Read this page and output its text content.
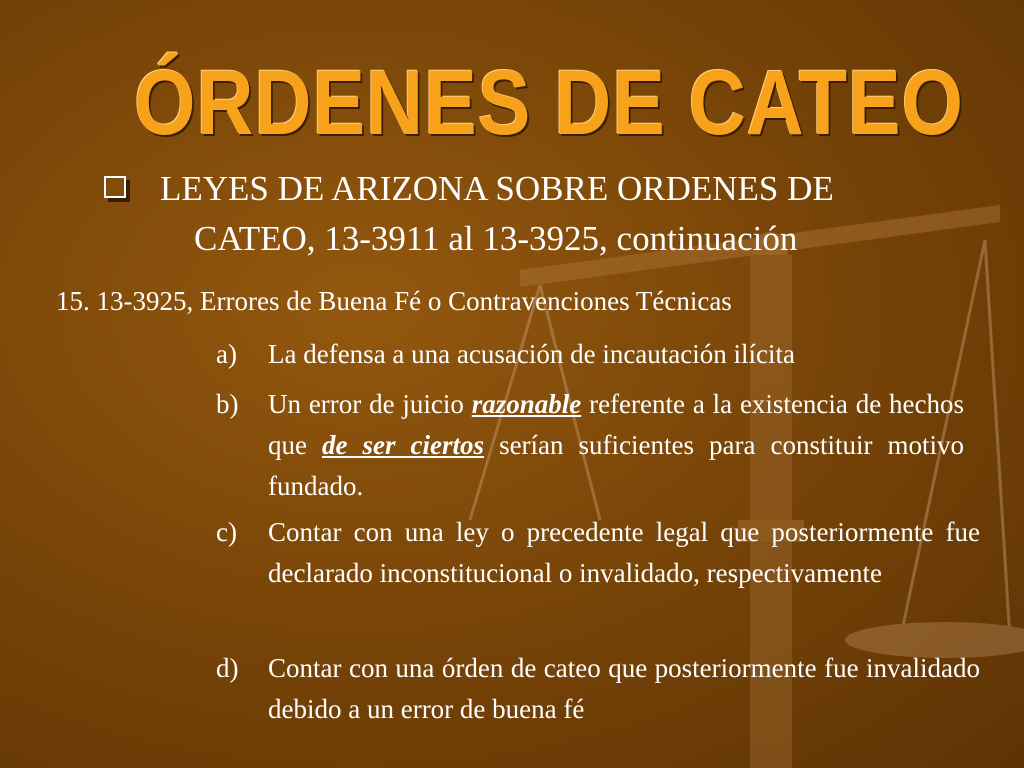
ÓRDENES DE CATEO
LEYES DE ARIZONA SOBRE ORDENES DE
CATEO, 13-3911 al 13-3925, continuación
15. 13-3925, Errores de Buena Fé o Contravenciones Técnicas
a)	La defensa a una acusación de incautación ilícita
b)	Un error de juicio razonable referente a la existencia de hechos que de ser ciertos serían suficientes para constituir motivo fundado.
c)	Contar con una ley o precedente legal que posteriormente fue declarado inconstitucional o invalidado, respectivamente
d)	Contar con una órden de cateo que posteriormente fue invalidado debido a un error de buena fé
